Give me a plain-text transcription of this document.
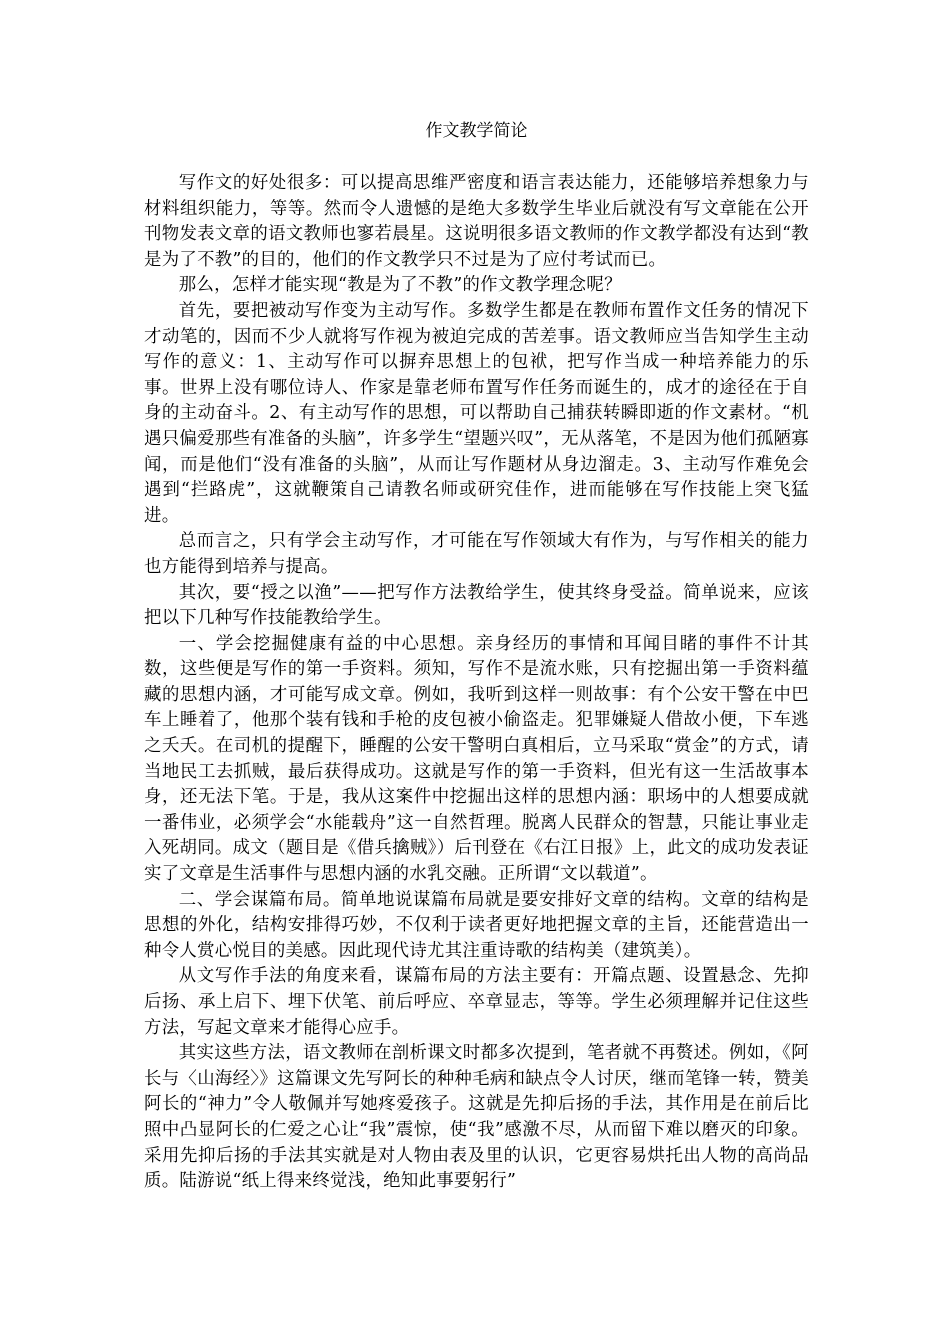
作文教学简论

写作文的好处很多：可以提高思维严密度和语言表达能力，还能够培养想象力与材料组织能力，等等。然而令人遗憾的是绝大多数学生毕业后就没有写文章能在公开刊物发表文章的语文教师也寥若晨星。这说明很多语文教师的作文教学都没有达到“教是为了不教”的目的，他们的作文教学只不过是为了应付考试而已。

那么，怎样才能实现“教是为了不教”的作文教学理念呢？

首先，要把被动写作变为主动写作。多数学生都是在教师布置作文任务的情况下才动笔的，因而不少人就将写作视为被迫完成的苦差事。语文教师应当告知学生主动写作的意义：1、主动写作可以摒弃思想上的包袱，把写作当成一种培养能力的乐事。世界上没有哪位诗人、作家是靠老师布置写作任务而诞生的，成才的途径在于自身的主动奋斗。2、有主动写作的思想，可以帮助自己捕获转瞬即逝的作文素材。“机遇只偏爱那些有准备的头脑”，许多学生“望题兴叹”，无从落笔，不是因为他们孤陋寡闻，而是他们“没有准备的头脑”，从而让写作题材从身边溜走。3、主动写作难免会遇到“拦路虎”，这就鞭策自己请教名师或研究佳作，进而能够在写作技能上突飞猛进。

总而言之，只有学会主动写作，才可能在写作领域大有作为，与写作相关的能力也方能得到培养与提高。

其次，要“授之以渔”——把写作方法教给学生，使其终身受益。简单说来，应该把以下几种写作技能教给学生。

一、学会挖掘健康有益的中心思想。亲身经历的事情和耳闻目睹的事件不计其数，这些便是写作的第一手资料。须知，写作不是流水账，只有挖掘出第一手资料蕴藏的思想内涵，才可能写成文章。例如，我听到这样一则故事：有个公安干警在中巴车上睡着了，他那个装有钱和手枪的皮包被小偷盗走。犯罪嫌疑人借故小便，下车逃之夭夭。在司机的提醒下，睡醒的公安干警明白真相后，立马采取“赏金”的方式，请当地民工去抓贼，最后获得成功。这就是写作的第一手资料，但光有这一生活故事本身，还无法下笔。于是，我从这案件中挖掘出这样的思想内涵：职场中的人想要成就一番伟业，必须学会“水能载舟”这一自然哲理。脱离人民群众的智慧，只能让事业走入死胡同。成文（题目是《借兵擒贼》）后刊登在《右江日报》上，此文的成功发表证实了文章是生活事件与思想内涵的水乳交融。正所谓“文以载道”。

二、学会谋篇布局。简单地说谋篇布局就是要安排好文章的结构。文章的结构是思想的外化，结构安排得巧妙，不仅利于读者更好地把握文章的主旨，还能营造出一种令人赏心悦目的美感。因此现代诗尤其注重诗歌的结构美（建筑美）。

从文写作手法的角度来看，谋篇布局的方法主要有：开篇点题、设置悬念、先抑后扬、承上启下、埋下伏笔、前后呼应、卒章显志，等等。学生必须理解并记住这些方法，写起文章来才能得心应手。

其实这些方法，语文教师在剖析课文时都多次提到，笔者就不再赘述。例如，《阿长与〈山海经〉》这篇课文先写阿长的种种毛病和缺点令人讨厌，继而笔锋一转，赞美阿长的“神力”令人敬佩并写她疼爱孩子。这就是先抑后扬的手法，其作用是在前后比照中凸显阿长的仁爱之心让“我”震惊，使“我”感激不尽，从而留下难以磨灭的印象。采用先抑后扬的手法其实就是对人物由表及里的认识，它更容易烘托出人物的高尚品质。陆游说“纸上得来终觉浅，绝知此事要躬行”
